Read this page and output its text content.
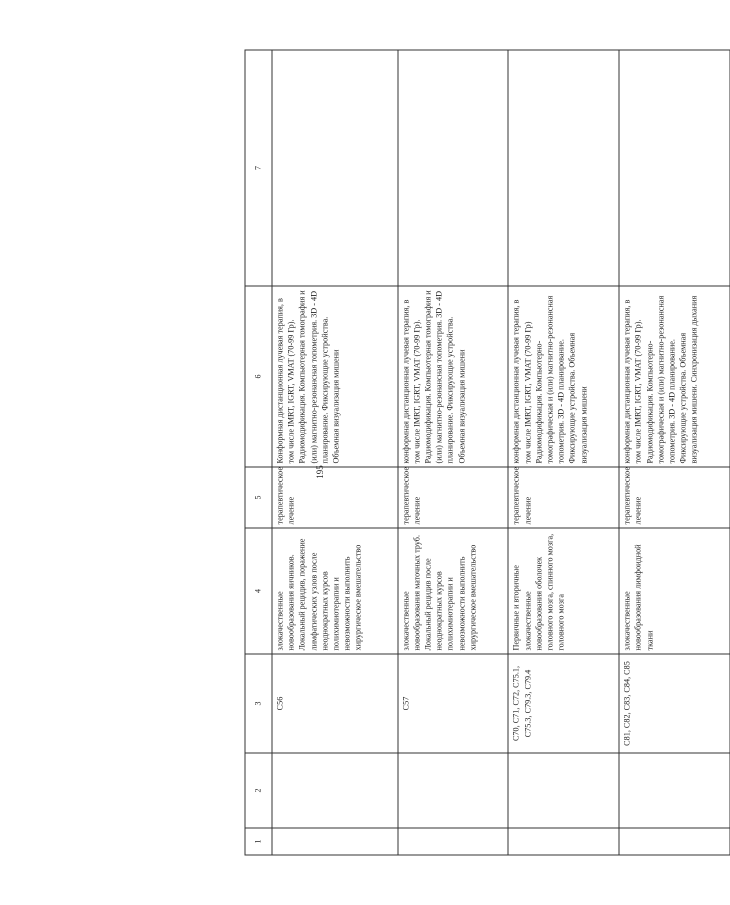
195
1	2	3	4	5	6	7
		C56	злокачественные новообразования яичников. Локальный рецидив, поражение лимфатических узлов после неоднократных курсов полихимиотерапии и невозможности выполнить хирургическое вмешательство	терапевтическое лечение	Конформная дистанционная лучевая терапия, в том числе IMRT, IGRT, VMAT (70-99 Гр). Радиомодификация. Компьютерная томография и (или) магнитно-резонансная топометрия. 3D - 4D планирование. Фиксирующие устройства. Объемная визуализация мишени	
		C57	злокачественные новообразования маточных труб. Локальный рецидив после неоднократных курсов полихимиотерапии и невозможности выполнить хирургическое вмешательство	терапевтическое лечение	конформная дистанционная лучевая терапия, в том числе IMRT, IGRT, VMAT (70-99 Гр). Радиомодификация. Компьютерная томография и (или) магнитно-резонансная топометрия. 3D - 4D планирование. Фиксирующие устройства. Объемная визуализация мишени	
		C70, C71, C72, C75.1, C75.3, C79.3, C79.4	Первичные и вторичные злокачественные новообразования оболочек головного мозга, спинного мозга, головного мозга	терапевтическое лечение	конформная дистанционная лучевая терапия, в том числе IMRT, IGRT, VMAT (70-99 Гр) Радиомодификация. Компьютерно-томографическая и (или) магнитно-резонансная топометрия. 3D - 4D планирование. Фиксирующие устройства. Объемная визуализация мишени	
		C81, C82, C83, C84, C85	злокачественные новообразования лимфоидной ткани	терапевтическое лечение	конформная дистанционная лучевая терапия, в том числе IMRT, IGRT, VMAT (70-99 Гр). Радиомодификация. Компьютерно-томографическая и (или) магнитно-резонансная топометрия. 3D - 4D планирование. Фиксирующие устройства. Объемная визуализация мишени. Синхронизация дыхания	
